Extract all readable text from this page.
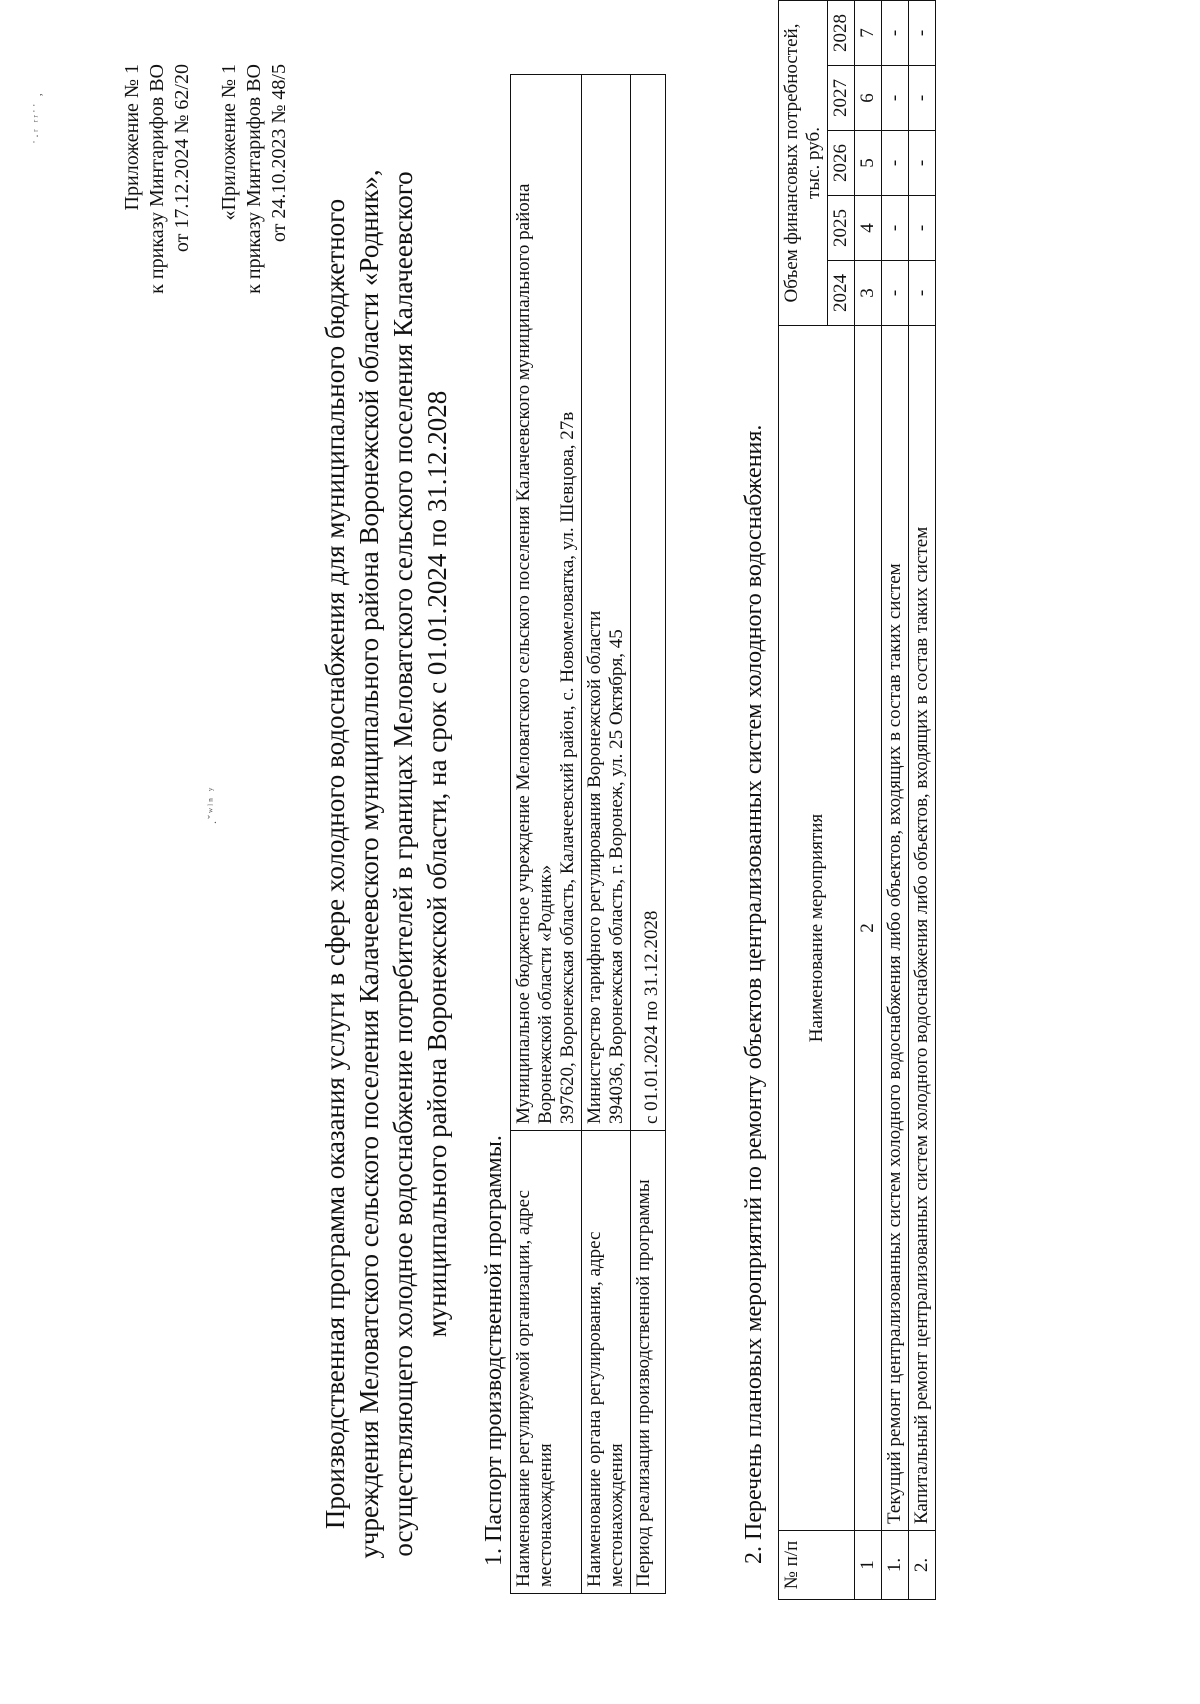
˙·ʳ ʳʳ˙˙ ,
.ˇʷˡⁿ ʸ
Приложение № 1 к приказу Минтарифов ВО от 17.12.2024 № 62/20 «Приложение № 1 к приказу Минтарифов ВО от 24.10.2023 № 48/5
Производственная программа оказания услуги в сфере холодного водоснабжения для муниципального бюджетного учреждения Меловатского сельского поселения Калачеевского муниципального района Воронежской области «Родник», осуществляющего холодное водоснабжение потребителей в границах Меловатского сельского поселения Калачеевского муниципального района Воронежской области, на срок с 01.01.2024 по 31.12.2028
1. Паспорт производственной программы. Наименование регулируемой организации, адрес местонахождения	Муниципальное бюджетное учреждение Меловатского сельского поселения Калачеевского муниципального района Воронежской области «Родник» 397620, Воронежская область, Калачеевский район, с. Новомеловатка, ул. Шевцова, 27в

Наименование органа регулирования, адрес местонахождения	Министерство тарифного регулирования Воронежской области 394036, Воронежская область, г. Воронеж, ул. 25 Октября, 45

Период реализации производственной программы	с 01.01.2024 по 31.12.2028	2. Перечень плановых мероприятий по ремонту объектов централизованных систем холодного водоснабжения.
№ п/п	Наименование мероприятия	Объем финансовых потребностей, тыс. руб.				
		2024	2025	2026	2027	2028
1	2	3	4	5	6	7
1.	Текущий ремонт централизованных систем холодного водоснабжения либо объектов, входящих в состав таких систем	-	-	-	-	-
2.	Капитальный ремонт централизованных систем холодного водоснабжения либо объектов, входящих в состав таких систем	-	-	-	-	-
